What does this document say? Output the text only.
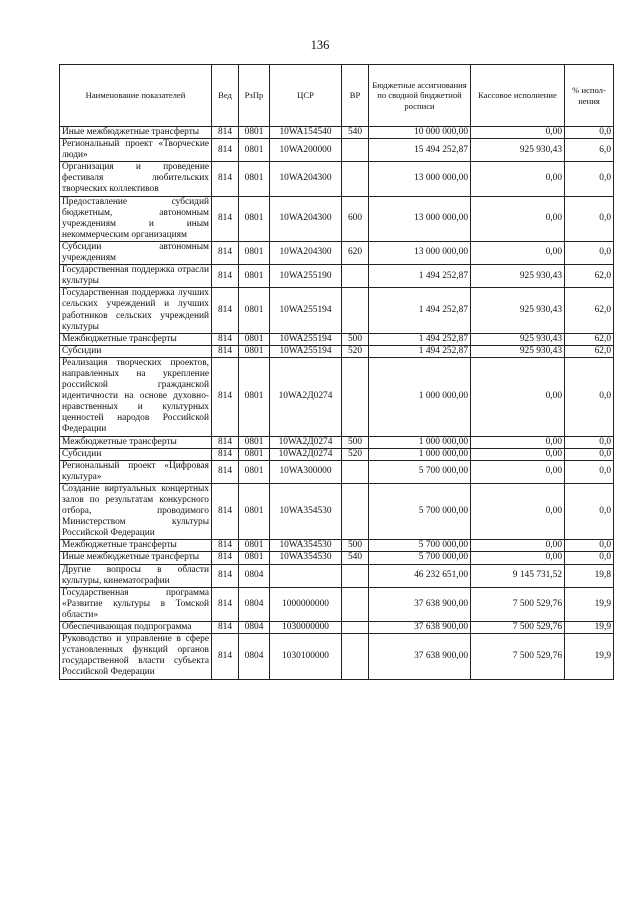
136
Наименование показателей	Вед	РзПр	ЦСР	ВР	Бюджетные ассигнования по сводной бюджетной росписи	Кассовое исполнение	% испол-нения
Иные межбюджетные трансферты	814	0801	10WA154540	540	10 000 000,00	0,00	0,0
Региональный проект «Творческие люди»	814	0801	10WA200000		15 494 252,87	925 930,43	6,0
Организация и проведение фестиваля любительских творческих коллективов	814	0801	10WA204300		13 000 000,00	0,00	0,0
Предоставление субсидий бюджетным, автономным учреждениям и иным некоммерческим организациям	814	0801	10WA204300	600	13 000 000,00	0,00	0,0
Субсидии автономным учреждениям	814	0801	10WA204300	620	13 000 000,00	0,00	0,0
Государственная поддержка отрасли культуры	814	0801	10WA255190		1 494 252,87	925 930,43	62,0
Государственная поддержка лучших сельских учреждений и лучших работников сельских учреждений культуры	814	0801	10WA255194		1 494 252,87	925 930,43	62,0
Межбюджетные трансферты	814	0801	10WA255194	500	1 494 252,87	925 930,43	62,0
Субсидии	814	0801	10WA255194	520	1 494 252,87	925 930,43	62,0
Реализация творческих проектов, направленных на укрепление российской гражданской идентичности на основе духовно-нравственных и культурных ценностей народов Российской Федерации	814	0801	10WA2Д0274		1 000 000,00	0,00	0,0
Межбюджетные трансферты	814	0801	10WA2Д0274	500	1 000 000,00	0,00	0,0
Субсидии	814	0801	10WA2Д0274	520	1 000 000,00	0,00	0,0
Региональный проект «Цифровая культура»	814	0801	10WA300000		5 700 000,00	0,00	0,0
Создание виртуальных концертных залов по результатам конкурсного отбора, проводимого Министерством культуры Российской Федерации	814	0801	10WA354530		5 700 000,00	0,00	0,0
Межбюджетные трансферты	814	0801	10WA354530	500	5 700 000,00	0,00	0,0
Иные межбюджетные трансферты	814	0801	10WA354530	540	5 700 000,00	0,00	0,0
Другие вопросы в области культуры, кинематографии	814	0804			46 232 651,00	9 145 731,52	19,8
Государственная программа «Развитие культуры в Томской области»	814	0804	1000000000		37 638 900,00	7 500 529,76	19,9
Обеспечивающая подпрограмма	814	0804	1030000000		37 638 900,00	7 500 529,76	19,9
Руководство и управление в сфере установленных функций органов государственной власти субъекта Российской Федерации	814	0804	1030100000		37 638 900,00	7 500 529,76	19,9
